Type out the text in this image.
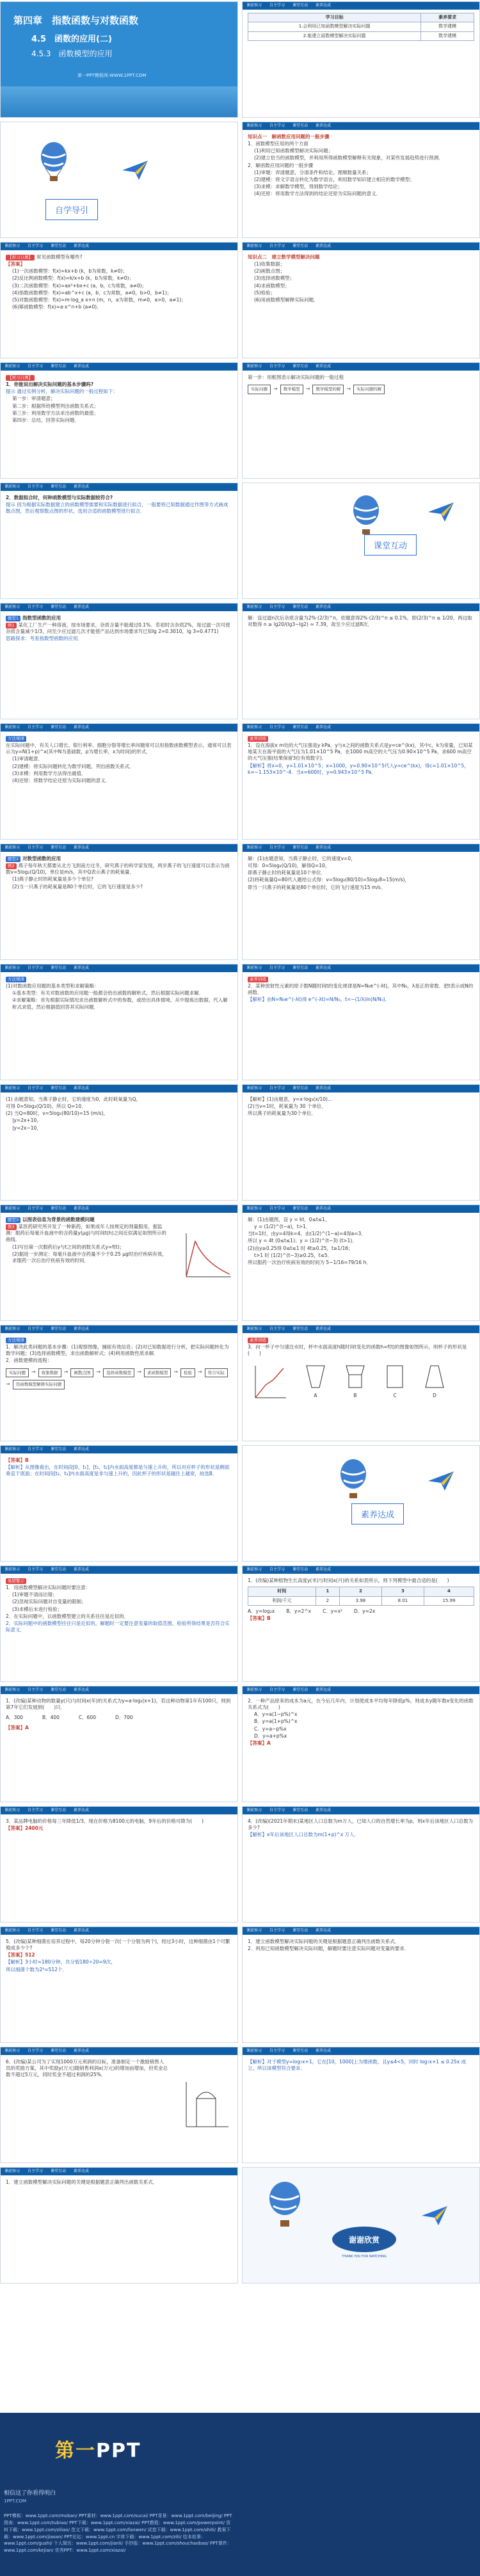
第四章　指数函数与对数函数
4.5　函数的应用(二)
4.5.3　函数模型的应用
第一PPT模板网-WWW.1PPT.COM
课前预习 自主学习 课堂互动 素养达成
学习目标	素养要求
1.会利用已知函数模型解决实际问题	数学建模
2.能建立函数模型解决实际问题	数学建模
自学导引
课前预习 自主学习 课堂互动 素养达成
知识点一　解函数应用问题的一般步骤
1．函数模型应用的两个方面
(1)利用已知函数模型解决实际问题；
(2)建立恰当的函数模型，并利用所得函数模型解释有关现象，对某些发展趋势进行预测．
2．解函数应用问题的一般步骤
(1)审题：弄清题意，分清条件和结论，理顺数量关系；
(2)建模：将文字语言转化为数学语言，利用数学知识建立相应的数学模型；
(3)求模：求解数学模型，得到数学结论；
(4)还原：将用数学方法得到的结论还原为实际问题的意义．
课前预习 自主学习 课堂互动 素养达成
【预习自测】 常见函数模型有哪些?
【答案】
(1)一次函数模型：f(x)=kx+b (k，b为常数，k≠0)；
(2)反比例函数模型：f(x)=k/x+b (k，b为常数，k≠0)；
(3)二次函数模型：f(x)=ax²+bx+c (a，b，c为常数，a≠0)；
(4)指数函数模型：f(x)=ab^x+c (a，b，c为常数，a≠0，b>0，b≠1)；
(5)对数函数模型：f(x)=m·log_a x+n (m，n，a为常数，m≠0，a>0，a≠1)；
(6)幂函数模型：f(x)=a·x^n+b (a≠0)．
课前预习 自主学习 课堂互动 素养达成
知识点二　建立数学模型解决问题
(1)收集数据；
(2)画散点图；
(3)选择函数模型；
(4)求函数模型；
(5)检验；
(6)用函数模型解释实际问题．
课前预习 自主学习 课堂互动 素养达成
【预习自测】
1．你能说出解决实际问题的基本步骤吗?
提示 通过实例分析，解决实际问题的一般过程如下：
第一步：审清题意；
第二步：根据所给模型列出函数关系式；
第三步：利用数学方法求出函数的最值；
第四步：总结，回答实际问题．
课前预习 自主学习 课堂互动 素养达成
第一步：用框图表示解决实际问题的一般过程
实际问题	→	数学模型	→	数学模型的解	→	实际问题的解
课前预习 自主学习 课堂互动 素养达成
2．数据拟合时，何种函数模型与实际数据较符合?
提示 因为根据实际数据建立的函数模型需要和实际数据进行拟合，一般要将已知数据通过作图等方式画成散点图，然后观察散点图的形状，选用合适的函数模型进行拟合．
课堂互动
课前预习 自主学习 课堂互动 素养达成
题型1 指数型函数的应用
例1 某化工厂生产一种溶液，按市场要求，杂质含量不能超过0.1%．若初时含杂质2%，每过滤一次可使杂质含量减少1/3，问至少应过滤几次才能使产品达到市场要求?(已知lg 2≈0.3010，lg 3≈0.4771)
思路探求：考查指数型函数的应用．
课前预习 自主学习 课堂互动 素养达成
解：设过滤n次后杂质含量为2%·(2/3)^n，依题意得2%·(2/3)^n ≤ 0.1%，即(2/3)^n ≤ 1/20，两边取对数得 n ≥ lg20/(lg3−lg2) ≈ 7.39，故至少应过滤8次．
课前预习 自主学习 课堂互动 素养达成
方法规律
在实际问题中，有关人口增长、银行利率、细胞分裂等增长率问题常可以用指数函数模型表示，通常可以表示为y=N(1+p)^x(其中N为基础数，p为增长率，x为时间)的形式．
(1)审清题意．
(2)建模：将实际问题转化为数学问题，列出函数关系式．
(3)求模：利用数学方法得出最值．
(4)还原：将数学结论还原为实际问题的意义．
课前预习 自主学习 课堂互动 素养达成
素养训练
1．设在海拔x m处的大气压强是y kPa，y与x之间的函数关系式是y=ce^(kx)，其中c，k为常量，已知某地某天在海平面的大气压为1.01×10^5 Pa，在1000 m高空的大气压为0.90×10^5 Pa，求600 m高空的大气压强(结果保留3位有效数字)．
【解析】将x=0，y=1.01×10^5；x=1000，y=0.90×10^5代入y=ce^(kx)，得c=1.01×10^5，k≈−1.153×10^-4．当x=600时，y≈0.943×10^5 Pa．
课前预习 自主学习 课堂互动 素养达成
题型2 对数型函数的应用
例2 燕子每年秋天都要从北方飞到南方过冬，研究燕子的科学家发现，两岁燕子的飞行速度可以表示为函数v=5log₂(Q/10)，单位是m/s，其中Q表示燕子的耗氧量．
(1)燕子静止时的耗氧量是多少个单位?
(2)当一只燕子的耗氧量是80个单位时，它的飞行速度是多少?
课前预习 自主学习 课堂互动 素养达成
解：(1)由题意知，当燕子静止时，它的速度v=0，
可得：0=5log₂(Q/10)，解得Q=10，
即燕子静止时的耗氧量是10个单位．
(2)将耗氧量Q=80代入题给公式得：v=5log₂(80/10)=5log₂8=15(m/s)，
即当一只燕子的耗氧量是80个单位时，它的飞行速度为15 m/s．
课前预习 自主学习 课堂互动 素养达成
方法规律
(1)对数函数应用题的基本类型和求解策略：
①基本类型：有关对数函数的应用题一般都会给出函数的解析式，然后根据实际问题求解．
②求解策略：首先根据实际情况求出函数解析式中的参数，或给出具体情境，从中提炼出数据，代入解析式求值，然后根据值回答其实际问题．
课前预习 自主学习 课堂互动 素养达成
素养训练
2．某种放射性元素的原子数N随时间t的变化规律是N=N₀e^(-λt)，其中N₀，λ是正的常数．把t表示成N的函数．
【解析】由N=N₀e^(-λt)得 e^(-λt)=N/N₀，t=−(1/λ)ln(N/N₀).
课前预习 自主学习 课堂互动 素养达成
(1) 由题意知，当燕子静止时，它的速度为0，此时耗氧量为Q，
可得 0=5log₂(Q/10)，所以 Q=10．
(2) 当Q=80时，v=5log₂(80/10)=15 (m/s)，
|y=2x+10，
|y=2x−10，
课前预习 自主学习 课堂互动 素养达成
【解析】(1)由题意，y=x·log₃(x/10)…
(2)当v=1时，耗氧量为 30 个单位．
所以燕子的耗氧量为30个单位．
课前预习 自主学习 课堂互动 素养达成
题型3 以图表信息为背景的函数建模问题
例3 某医药研究所开发了一种新药，如果成年人按规定的剂量服用，据监测：服药后每毫升血液中的含药量y(μg)与时间t(h)之间近似满足如图所示的曲线．
(1)写出第一次服药后y与t之间的函数关系式y=f(t)；
(2)据进一步测定：每毫升血液中含药量不少于0.25 μg时治疗疾病有效，求服药一次后治疗疾病有效的时间．
课前预习 自主学习 课堂互动 素养达成
解：(1)由题图，设 y = kt，0≤t≤1，
y = (1/2)^(t−a)，t>1．
当t=1时，由y=4得k=4，由(1/2)^(1−a)=4得a=3．
所以 y = 4t (0≤t≤1)；y = (1/2)^(t−3) (t>1)．
(2)由y≥0.25得 0≤t≤1 时 4t≥0.25，t≥1/16；
t>1 时 (1/2)^(t−3)≥0.25，t≤5．
所以服药一次治疗疾病有效的时间为 5−1/16=79/16 h．
课前预习 自主学习 课堂互动 素养达成
方法规律
1．解决此类问题的基本步骤：(1)观察图像，捕捉有效信息；(2)对已知数据进行分析，把实际问题转化为数学问题；(3)选择函数模型，求出函数解析式；(4)利用函数性质求解．
2．函数建模的流程：
实际问题	→	收集数据	→	画散点图	→	选择函数模型	→	求函数模型	→	检验	→	符合实际
→	用函数模型解释实际问题
课前预习 自主学习 课堂互动 素养达成
素养训练
3．向一杯子中匀速注水时，杯中水面高度h随时间t变化的函数h=f(t)的图像如图所示，则杯子的形状是(　　)
A	B	C	D
课前预习 自主学习 课堂互动 素养达成
【答案】B
【解析】从图像看出，在时间段[0，t₁]，[t₁，t₂]内水面高度都是匀速上升的，所以对应杯子的形状是侧面垂直于底面；在时间段[t₂，t₃]内水面高度是非匀速上升的，因此杯子的形状是越往上越宽，故选B．
素养达成
课前预习 自主学习 课堂互动 素养达成
易错警示
1．用函数模型解决实际问题时要注意：
(1)审题不清而出错；
(2)忽视实际问题对自变量的限制；
(3)求模后未进行检验；
2．在实际问题中，以函数模型建立的关系往往是近似的．
2．实际问题中的函数模型往往只是近似的，解题时一定要注意变量的取值范围，检验所得结果是否符合实际意义．
课前预习 自主学习 课堂互动 素养达成
1．(改编)某种植物生长高度y(米)与时间x(月)的关系如表所示，则下列模型中最合适的是(　　)
时间	1	2	3	4
利润/千元	2	3.98	8.01	15.99
A．y=log₂x B．y=2^x C．y=x² D．y=2x
【答案】B
课前预习 自主学习 课堂互动 素养达成
1．(改编)某种动物的数量y(只)与时间x(年)的关系式为y=a·log₂(x+1)，若这种动物第1年有100只，则到第7年它们发展到(　　)只．
A．300	B．400	C．600	D．700
【答案】A
课前预习 自主学习 课堂互动 素养达成
2．一种产品原来的成本为a元，在今后几年内，计划使成本平均每年降低p%，则成本y随年数x变化的函数关系式为(　　)
A．y=a(1−p%)^x
B．y=a(1+p%)^x
C．y=a−p%x
D．y=a+p%x
【答案】A
课前预习 自主学习 课堂互动 素养达成
3．某品牌电脑的价格每三年降低1/3，现在价格为8100元的电脑，9年后的价格可降为(　　)
【答案】2400元
课前预习 自主学习 课堂互动 素养达成
4．(改编)(2021年期末)某地区人口总数为m万人，已知人口的自然增长率为p，则x年后该地区人口总数为多少?
【解析】x年后该地区人口总数为m(1+p)^x 万人．
课前预习 自主学习 课堂互动 素养达成
5．(改编)某种细菌在培养过程中，每20分钟分裂一次(一个分裂为两个)，经过3小时，这种细菌由1个可繁殖成多少个?
【答案】512
【解析】3小时=180分钟，共分裂180÷20=9次，
所以细菌个数为2⁹=512个．
课前预习 自主学习 课堂互动 素养达成
1．建立函数模型解决实际问题的关键是根据题意正确列出函数关系式．
2．利用已知函数模型解决实际问题，解题时要注意实际问题对变量的要求．
课前预习 自主学习 课堂互动 素养达成
6．(改编)某公司为了实现1000万元利润的目标，准备制定一个激励销售人员的奖励方案，其中奖励y(万元)随销售利润x(万元)的增加而增加，但奖金总数不超过5万元，同时奖金不超过利润的25%．
课前预习 自主学习 课堂互动 素养达成
【解析】对于模型y=log₇x+1，它在[10，1000]上为增函数，且y≤4<5，同时 log₇x+1 ≤ 0.25x 成立，所以该模型符合要求．
课前预习 自主学习 课堂互动 素养达成
1．建立函数模型解决实际问题的关键是根据题意正确列出函数关系式．
谢谢欣赏
THANK YOU FOR WATCHING
第一PPT
相信这了你看得明白
1PPT.COM
PPT模板：www.1ppt.com/moban/ PPT素材：www.1ppt.com/sucai/ PPT背景：www.1ppt.com/beijing/ PPT图表：www.1ppt.com/tubiao/ PPT下载：www.1ppt.com/xiazai/ PPT教程：www.1ppt.com/powerpoint/ 资料下载：www.1ppt.com/ziliao/ 范文下载：www.1ppt.com/fanwen/ 试卷下载：www.1ppt.com/shiti/ 教案下载：www.1ppt.com/jiaoan/ PPT论坛：www.1ppt.cn 字体下载：www.1ppt.com/ziti/ 绘本故事：www.1ppt.com/gushi/ 个人简历：www.1ppt.com/jianli/ 手抄报：www.1ppt.com/shouchaobao/ PPT课件：www.1ppt.com/kejian/ 优秀PPT：www.1ppt.com/xiazai/
